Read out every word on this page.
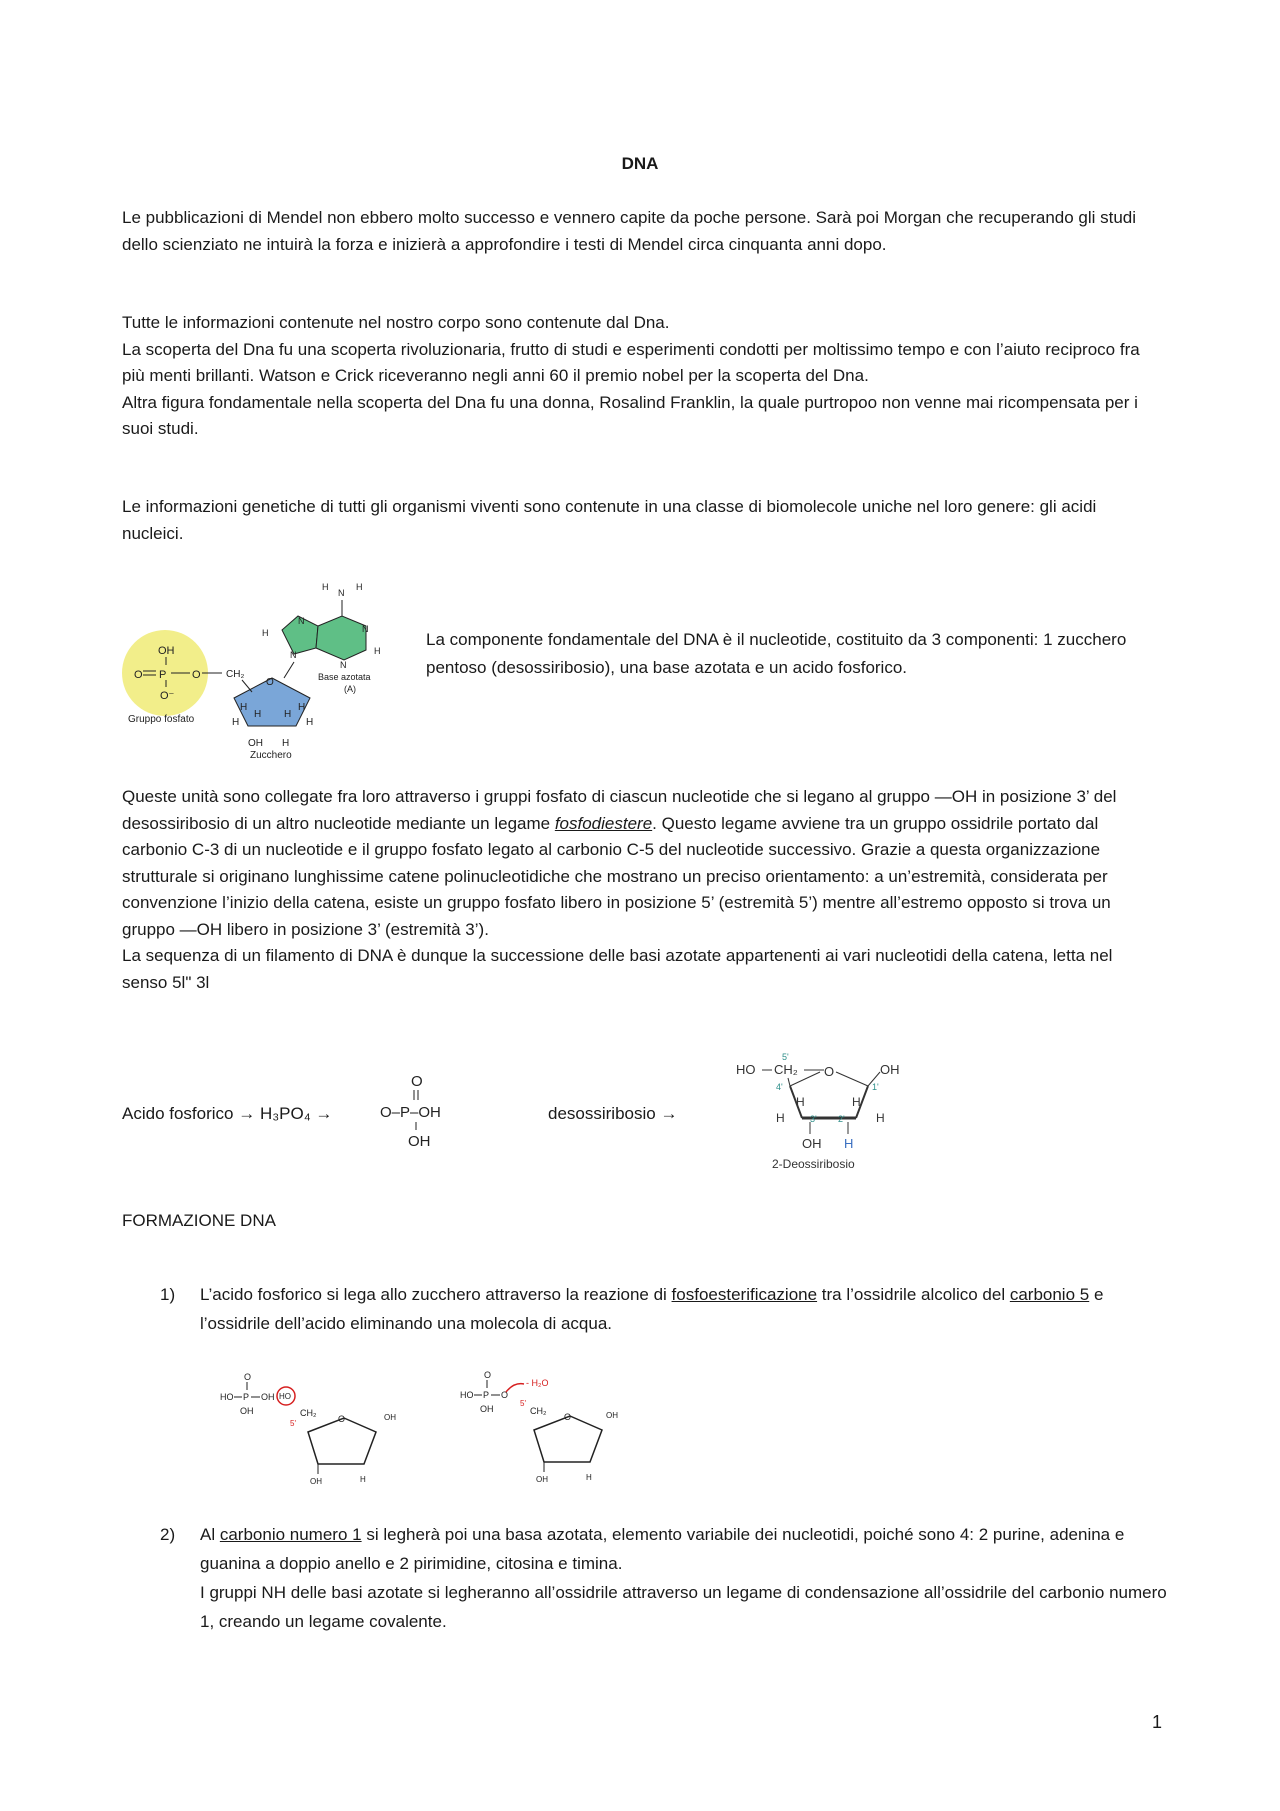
DNA

Le pubblicazioni di Mendel non ebbero molto successo e vennero capite da poche persone. Sarà poi Morgan che recuperando gli studi dello scienziato ne intuirà la forza e inizierà a approfondire i testi di Mendel circa cinquanta anni dopo.

Tutte le informazioni contenute nel nostro corpo sono contenute dal Dna.

La scoperta del Dna fu una scoperta rivoluzionaria, frutto di studi e esperimenti condotti per moltissimo tempo e con l’aiuto reciproco fra più menti brillanti. Watson e Crick riceveranno negli anni 60 il premio nobel per la scoperta del Dna.

Altra figura fondamentale nella scoperta del Dna fu una donna, Rosalind Franklin, la quale purtropoo non venne mai ricompensata per i suoi studi.

Le informazioni genetiche di tutti gli organismi viventi sono contenute in una classe di biomolecole uniche nel loro genere: gli acidi nucleici.

OH
O P O
O⁻
Gruppo fosfato
CH₂
O
H	H
H H
H	H
OH H
Zucchero
N
N
N
N
H
H
N
H	H
Base azotata
(A)
La componente fondamentale del DNA è il nucleotide, costituito da 3 componenti: 1 zucchero pentoso (desossiribosio), una base azotata e un acido fosforico.

Queste unità sono collegate fra loro attraverso i gruppi fosfato di ciascun nucleotide che si legano al gruppo —OH in posizione 3’ del desossiribosio di un altro nucleotide mediante un legame fosfodiestere. Questo legame avviene tra un gruppo ossidrile portato dal carbonio C-3 di un nucleotide e il gruppo fosfato legato al carbonio C-5 del nucleotide successivo. Grazie a questa organizzazione strutturale si originano lunghissime catene polinucleotidiche che mostrano un preciso orientamento: a un’estremità, considerata per convenzione l’inizio della catena, esiste un gruppo fosfato libero in posizione 5’ (estremità 5’) mentre all’estremo opposto si trova un gruppo —OH libero in posizione 3’ (estremità 3’).

La sequenza di un filamento di DNA è dunque la successione delle basi azotate appartenenti ai vari nucleotidi della catena, letta nel senso 5l" 3l

Acido fosforico → H₃PO₄ →
O
O–P–OH
OH
desossiribosio →
HO
5'
CH₂ O	OH
4'	1'
H	H
H	H
3' 2'
OH H
2-Deossiribosio
FORMAZIONE DNA
1) L’acido fosforico si lega allo zucchero attraverso la reazione di fosfoesterificazione tra l’ossidrile alcolico del carbonio 5 e l’ossidrile dell’acido eliminando una molecola di acqua.
O
HO P OH
OH
HO
CH₂
5'	O	OH
OH	H
O
HO P O
OH
- H₂O
CH₂
5'
O	OH
OH	H
2) Al carbonio numero 1 si legherà poi una basa azotata, elemento variabile dei nucleotidi, poiché sono 4: 2 purine, adenina e guanina a doppio anello e 2 pirimidine, citosina e timina.
I gruppi NH delle basi azotate si legheranno all’ossidrile attraverso un legame di condensazione all’ossidrile del carbonio numero 1, creando un legame covalente.
1
